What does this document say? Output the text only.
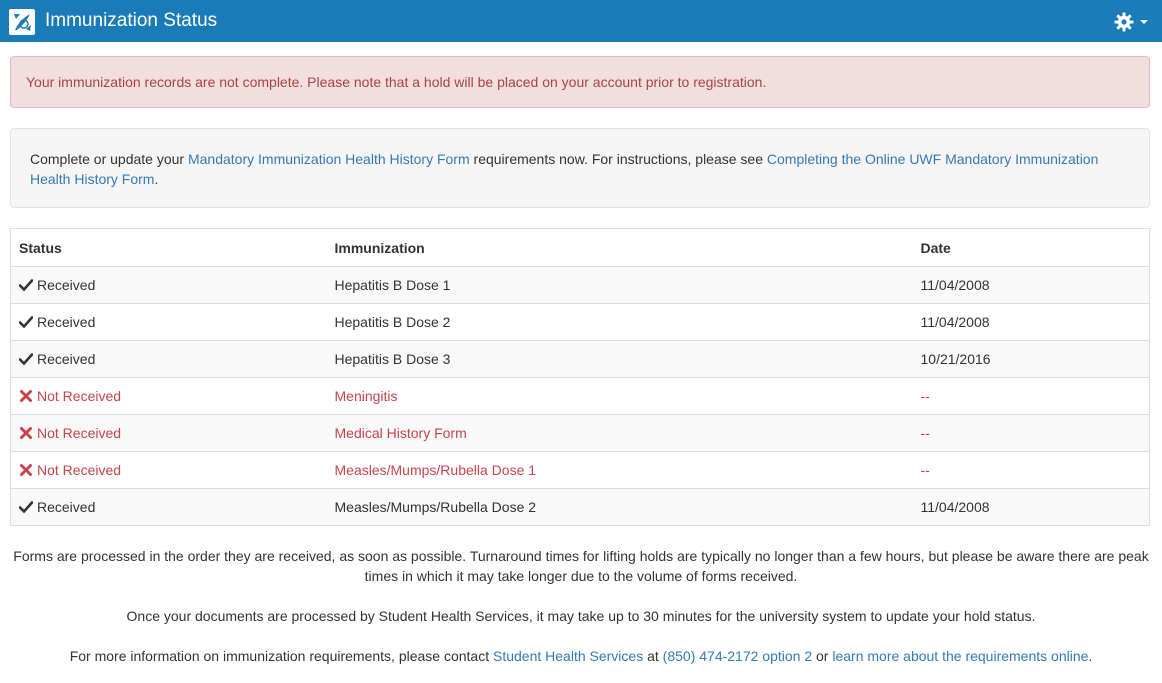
Immunization Status
Your immunization records are not complete. Please note that a hold will be placed on your account prior to registration.
Complete or update your Mandatory Immunization Health History Form requirements now. For instructions, please see Completing the Online UWF Mandatory Immunization Health History Form.
Status	Immunization	Date
Received	Hepatitis B Dose 1	11/04/2008
Received	Hepatitis B Dose 2	11/04/2008
Received	Hepatitis B Dose 3	10/21/2016
Not Received	Meningitis	--
Not Received	Medical History Form	--
Not Received	Measles/Mumps/Rubella Dose 1	--
Received	Measles/Mumps/Rubella Dose 2	11/04/2008

Forms are processed in the order they are received, as soon as possible. Turnaround times for lifting holds are typically no longer than a few hours, but please be aware there are peak times in which it may take longer due to the volume of forms received.

Once your documents are processed by Student Health Services, it may take up to 30 minutes for the university system to update your hold status.

For more information on immunization requirements, please contact Student Health Services at (850) 474-2172 option 2 or learn more about the requirements online.
